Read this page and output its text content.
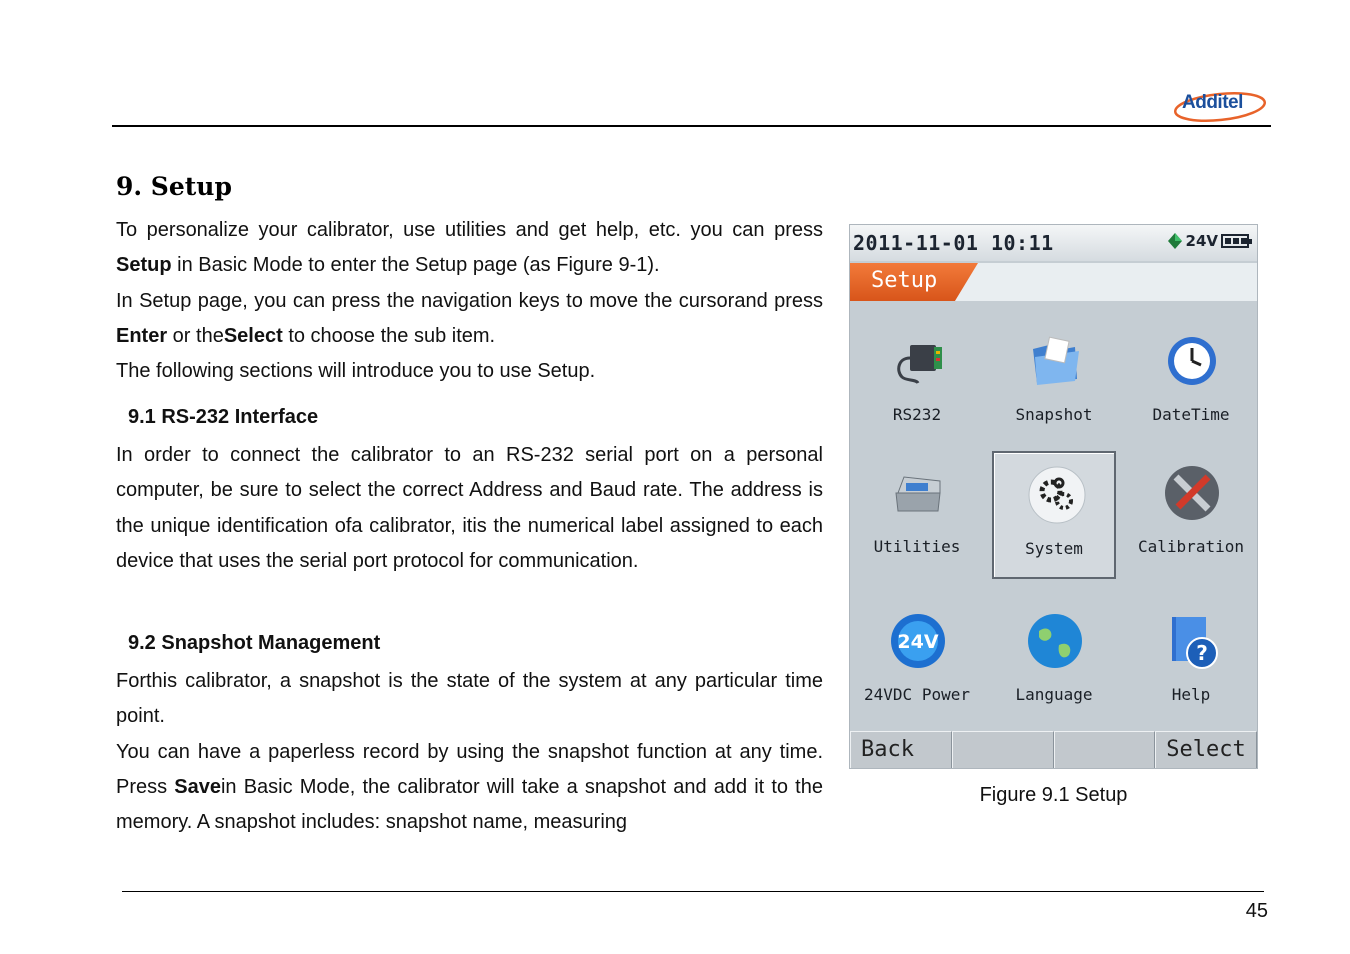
Additel
9. Setup
To personalize your calibrator, use utilities and get help, etc. you can press Setup in Basic Mode to enter the Setup page (as Figure 9-1).
In Setup page, you can press the navigation keys to move the cursorand press Enter or theSelect to choose the sub item.
The following sections will introduce you to use Setup.
9.1 RS-232 Interface
In order to connect the calibrator to an RS-232 serial port on a personal computer, be sure to select the correct Address and Baud rate. The address is the unique identification ofa calibrator, itis the numerical label assigned to each device that uses the serial port protocol for communication.
9.2 Snapshot Management
Forthis calibrator, a snapshot is the state of the system at any particular time point.
You can have a paperless record by using the snapshot function at any time. Press Savein Basic Mode, the calibrator will take a snapshot and add it to the memory. A snapshot includes: snapshot name, measuring
2011-11-01 10:11	24V
Setup
RS232	Snapshot	DateTime
Utilities	System	Calibration
24V
24VDC Power	Language
?
Help
Back	Select
Figure 9.1 Setup
45
